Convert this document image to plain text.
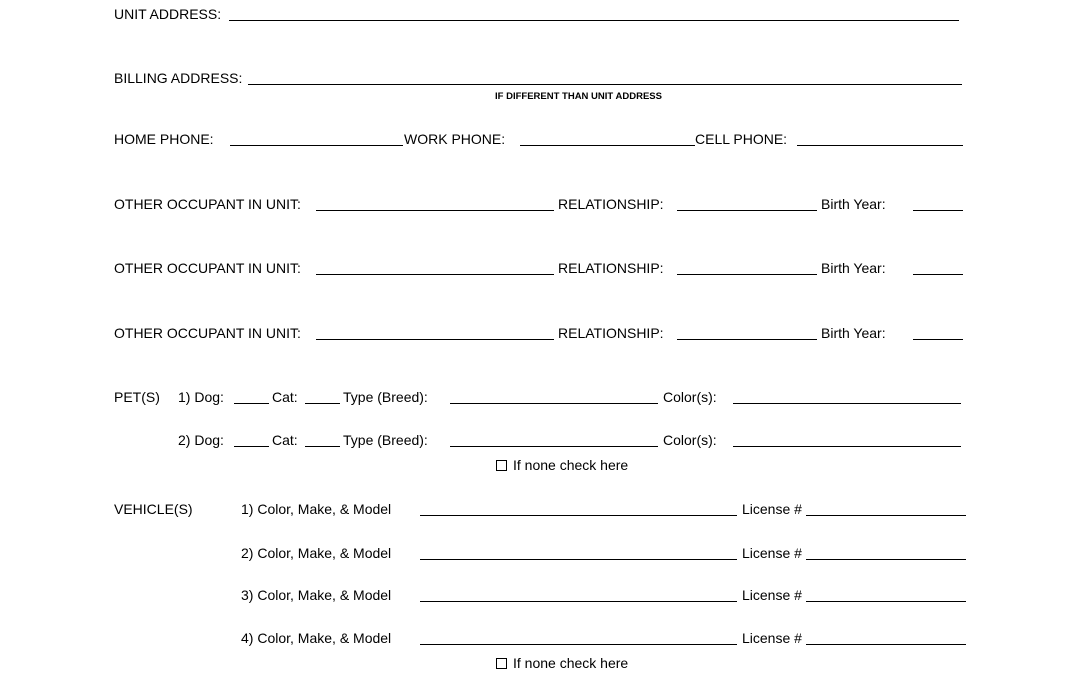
UNIT ADDRESS:
BILLING ADDRESS:
IF DIFFERENT THAN UNIT ADDRESS
HOME PHONE:	WORK PHONE:	CELL PHONE:
OTHER OCCUPANT IN UNIT:	RELATIONSHIP:	Birth Year:
OTHER OCCUPANT IN UNIT:	RELATIONSHIP:	Birth Year:
OTHER OCCUPANT IN UNIT:	RELATIONSHIP:	Birth Year:
PET(S) 1) Dog:	Cat:	Type (Breed):	Color(s):
2) Dog:	Cat:	Type (Breed):	Color(s):
If none check here
VEHICLE(S)	1) Color, Make, & Model	License #
2) Color, Make, & Model	License #
3) Color, Make, & Model	License #
4) Color, Make, & Model	License #
If none check here
